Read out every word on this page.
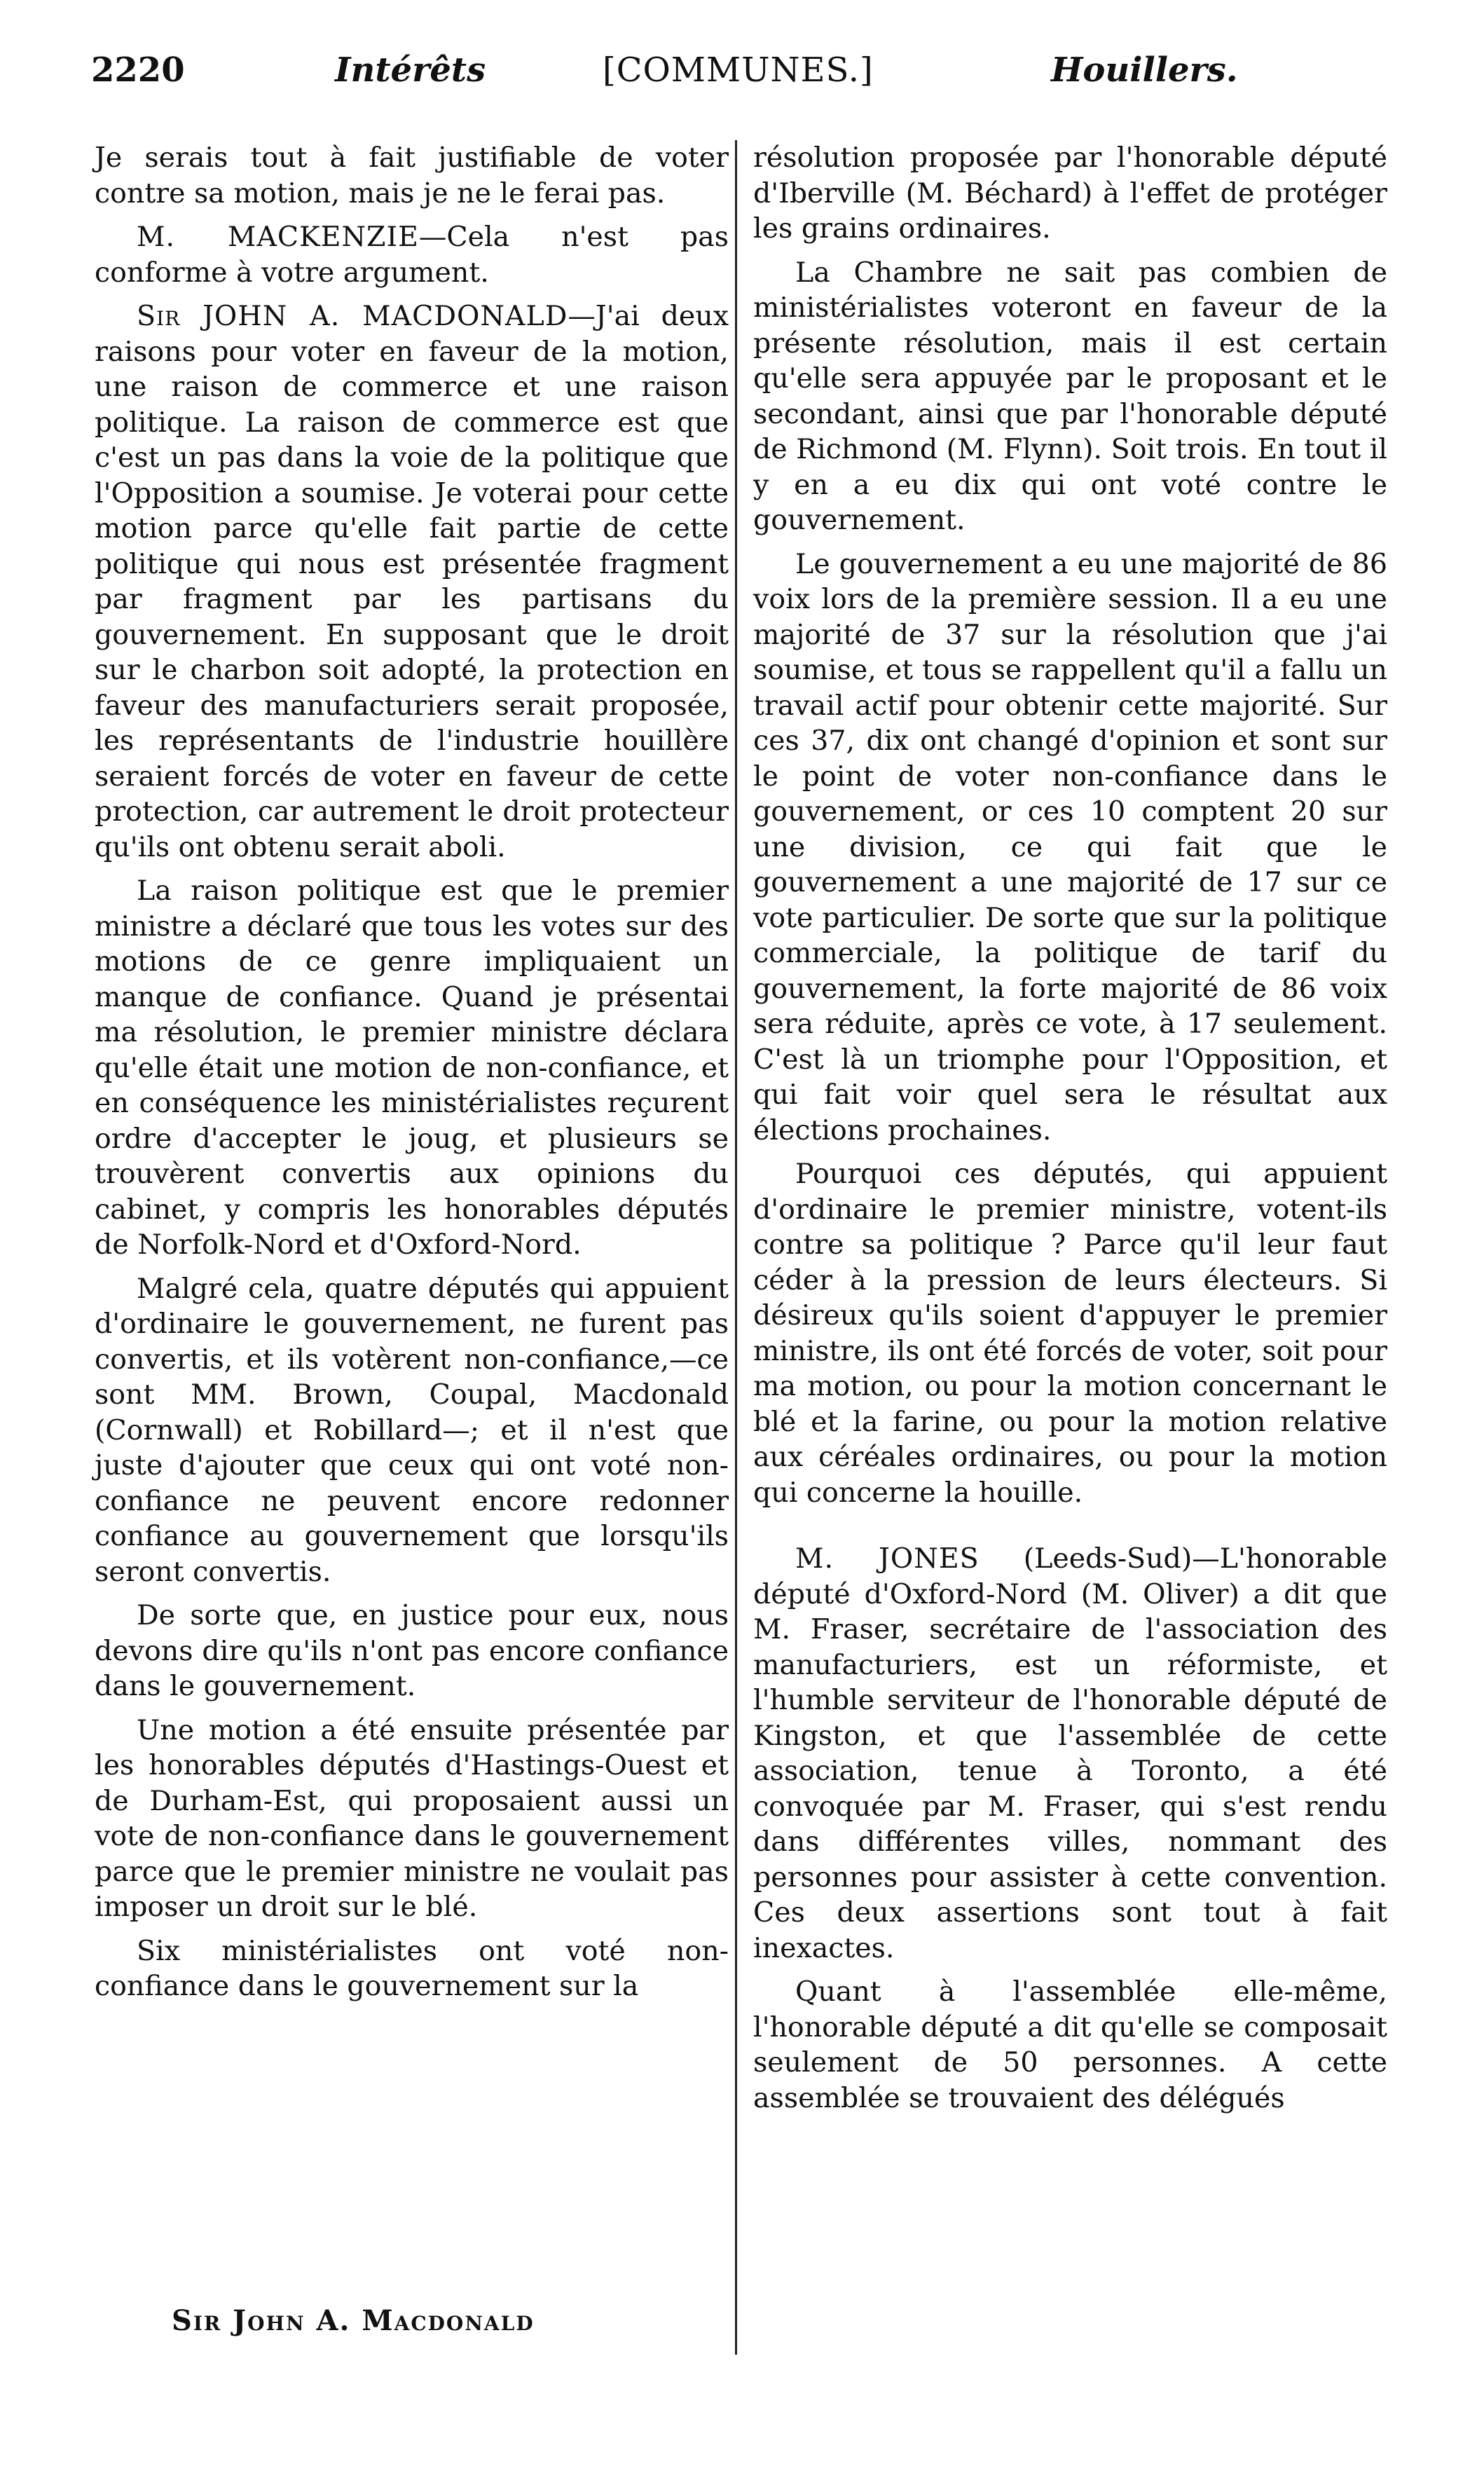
2220	Intérêts	[COMMUNES.]	Houillers.

Je serais tout à fait justifiable de voter contre sa motion, mais je ne le ferai pas.

M. MACKENZIE—Cela n'est pas conforme à votre argument.

Sir JOHN A. MACDONALD—J'ai deux raisons pour voter en faveur de la motion, une raison de commerce et une raison politique. La raison de commerce est que c'est un pas dans la voie de la politique que l'Opposition a soumise. Je voterai pour cette motion parce qu'elle fait partie de cette politique qui nous est présentée fragment par fragment par les partisans du gouvernement. En supposant que le droit sur le charbon soit adopté, la protection en faveur des manufacturiers serait proposée, les représentants de l'industrie houillère seraient forcés de voter en faveur de cette protection, car autrement le droit protecteur qu'ils ont obtenu serait aboli.

La raison politique est que le premier ministre a déclaré que tous les votes sur des motions de ce genre impliquaient un manque de confiance. Quand je présentai ma résolution, le premier ministre déclara qu'elle était une motion de non-confiance, et en conséquence les ministérialistes reçurent ordre d'accepter le joug, et plusieurs se trouvèrent convertis aux opinions du cabinet, y compris les honorables députés de Norfolk-Nord et d'Oxford-Nord.

Malgré cela, quatre députés qui appuient d'ordinaire le gouvernement, ne furent pas convertis, et ils votèrent non-confiance,—ce sont MM. Brown, Coupal, Macdonald (Cornwall) et Robillard—; et il n'est que juste d'ajouter que ceux qui ont voté non-confiance ne peuvent encore redonner confiance au gouvernement que lorsqu'ils seront convertis.

De sorte que, en justice pour eux, nous devons dire qu'ils n'ont pas encore confiance dans le gouvernement.

Une motion a été ensuite présentée par les honorables députés d'Hastings-Ouest et de Durham-Est, qui proposaient aussi un vote de non-confiance dans le gouvernement parce que le premier ministre ne voulait pas imposer un droit sur le blé.

Six ministérialistes ont voté non-confiance dans le gouvernement sur la

résolution proposée par l'honorable député d'Iberville (M. Béchard) à l'effet de protéger les grains ordinaires.

La Chambre ne sait pas combien de ministérialistes voteront en faveur de la présente résolution, mais il est certain qu'elle sera appuyée par le proposant et le secondant, ainsi que par l'honorable député de Richmond (M. Flynn). Soit trois. En tout il y en a eu dix qui ont voté contre le gouvernement.

Le gouvernement a eu une majorité de 86 voix lors de la première session. Il a eu une majorité de 37 sur la résolution que j'ai soumise, et tous se rappellent qu'il a fallu un travail actif pour obtenir cette majorité. Sur ces 37, dix ont changé d'opinion et sont sur le point de voter non-confiance dans le gouvernement, or ces 10 comptent 20 sur une division, ce qui fait que le gouvernement a une majorité de 17 sur ce vote particulier. De sorte que sur la politique commerciale, la politique de tarif du gouvernement, la forte majorité de 86 voix sera réduite, après ce vote, à 17 seulement. C'est là un triomphe pour l'Opposition, et qui fait voir quel sera le résultat aux élections prochaines.

Pourquoi ces députés, qui appuient d'ordinaire le premier ministre, votent-ils contre sa politique ? Parce qu'il leur faut céder à la pression de leurs électeurs. Si désireux qu'ils soient d'appuyer le premier ministre, ils ont été forcés de voter, soit pour ma motion, ou pour la motion concernant le blé et la farine, ou pour la motion relative aux céréales ordinaires, ou pour la motion qui concerne la houille.

M. JONES (Leeds-Sud)—L'honorable député d'Oxford-Nord (M. Oliver) a dit que M. Fraser, secrétaire de l'association des manufacturiers, est un réformiste, et l'humble serviteur de l'honorable député de Kingston, et que l'assemblée de cette association, tenue à Toronto, a été convoquée par M. Fraser, qui s'est rendu dans différentes villes, nommant des personnes pour assister à cette convention. Ces deux assertions sont tout à fait inexactes.

Quant à l'assemblée elle-même, l'honorable député a dit qu'elle se composait seulement de 50 personnes. A cette assemblée se trouvaient des délégués

Sir John A. Macdonald
